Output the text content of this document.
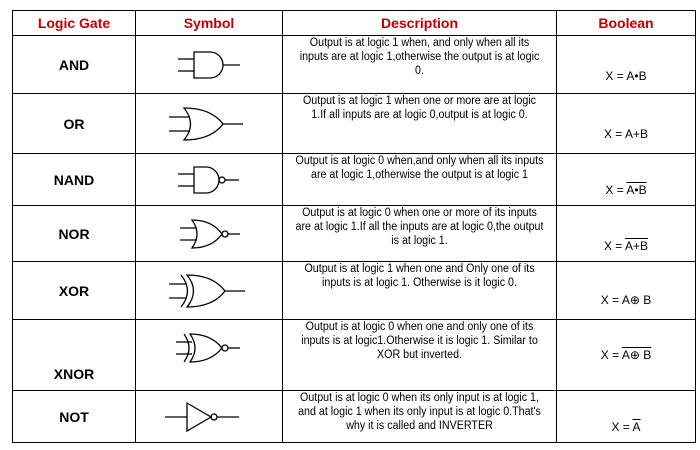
Logic Gate	Symbol	Description	Boolean
AND		Output is at logic 1 when, and only when all its inputs are at logic 1,otherwise the output is at logic 0.	X = A•B
OR		Output is at logic 1 when one or more are at logic 1.If all inputs are at logic 0,output is at logic 0.	X = A+B
NAND		Output is at logic 0 when,and only when all its inputs are at logic 1,otherwise the output is at logic 1	X = A•B
NOR		Output is at logic 0 when one or more of its inputs are at logic 1.If all the inputs are at logic 0,the output is at logic 1.	X = A+B
XOR		Output is at logic 1 when one and Only one of its inputs is at logic 1. Otherwise is it logic 0.	X = A⊕ B
XNOR		Output is at logic 0 when one and only one of its inputs is at logic1.Otherwise it is logic 1. Similar to XOR but inverted.	X = A⊕ B
NOT		Output is at logic 0 when its only input is at logic 1, and at logic 1 when its only input is at logic 0.That's why it is called and INVERTER	$X = \overline{A}$
